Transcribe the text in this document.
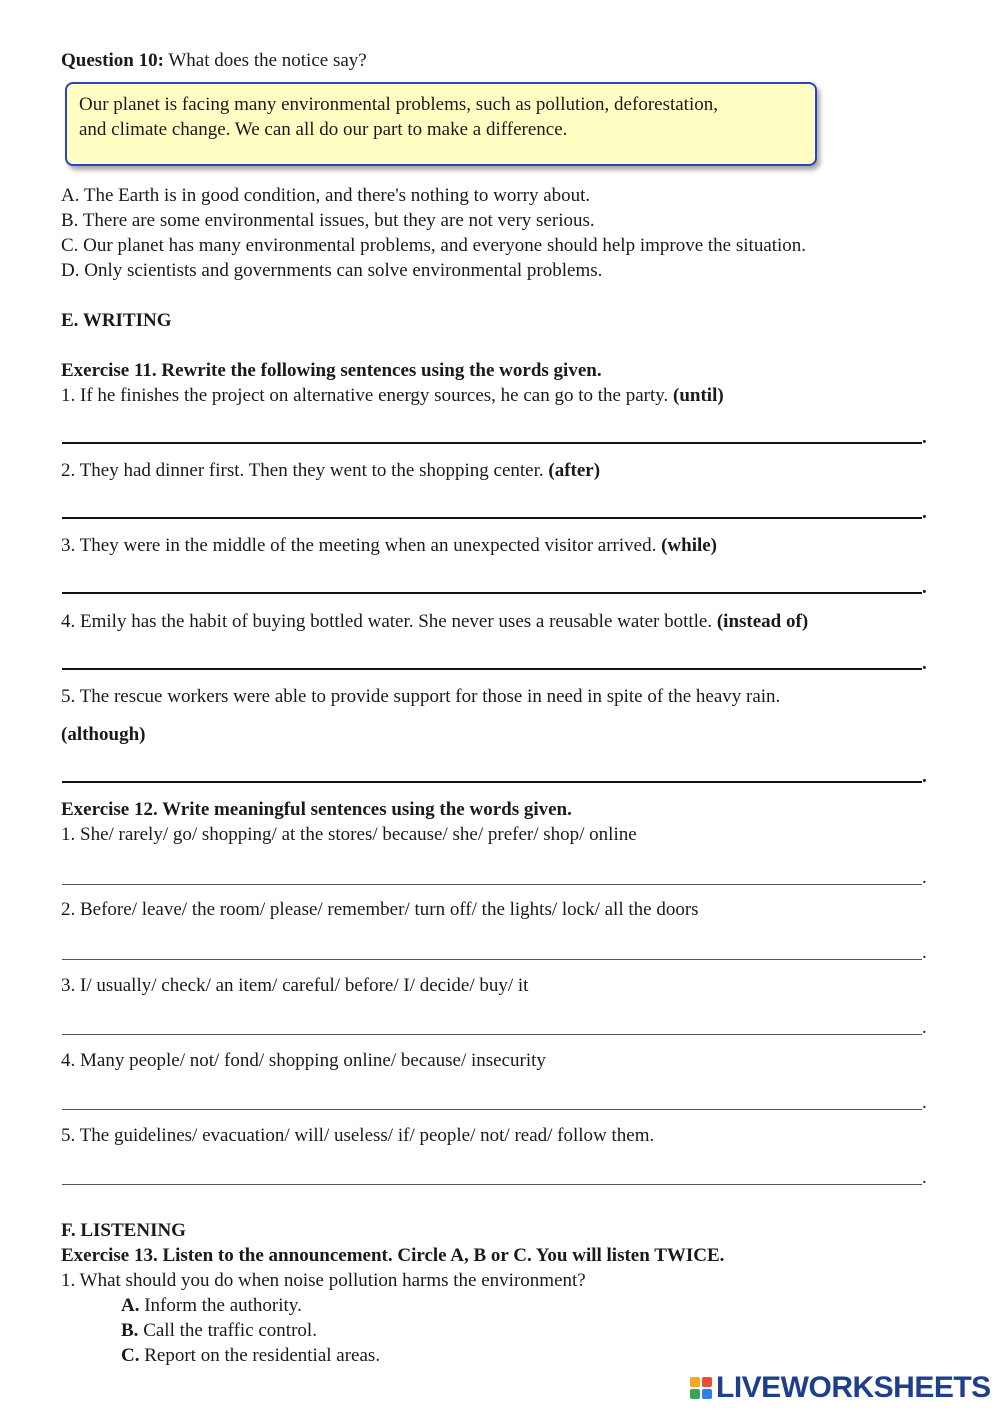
Question 10: What does the notice say?
Our planet is facing many environmental problems, such as pollution, deforestation,
and climate change. We can all do our part to make a difference.
A. The Earth is in good condition, and there's nothing to worry about.
B. There are some environmental issues, but they are not very serious.
C. Our planet has many environmental problems, and everyone should help improve the situation.
D. Only scientists and governments can solve environmental problems.
E. WRITING
Exercise 11. Rewrite the following sentences using the words given.
1. If he finishes the project on alternative energy sources, he can go to the party. (until)
.
2. They had dinner first. Then they went to the shopping center. (after)
.
3. They were in the middle of the meeting when an unexpected visitor arrived. (while)
.
4. Emily has the habit of buying bottled water. She never uses a reusable water bottle. (instead of)
.
5. The rescue workers were able to provide support for those in need in spite of the heavy rain.
(although)
.
Exercise 12. Write meaningful sentences using the words given.
1. She/ rarely/ go/ shopping/ at the stores/ because/ she/ prefer/ shop/ online
.
2. Before/ leave/ the room/ please/ remember/ turn off/ the lights/ lock/ all the doors
.
3. I/ usually/ check/ an item/ careful/ before/ I/ decide/ buy/ it
.
4. Many people/ not/ fond/ shopping online/ because/ insecurity
.
5. The guidelines/ evacuation/ will/ useless/ if/ people/ not/ read/ follow them.
.
F. LISTENING
Exercise 13. Listen to the announcement. Circle A, B or C. You will listen TWICE.
1. What should you do when noise pollution harms the environment?
A. Inform the authority.
B. Call the traffic control.
C. Report on the residential areas.
LIVEWORKSHEETS
